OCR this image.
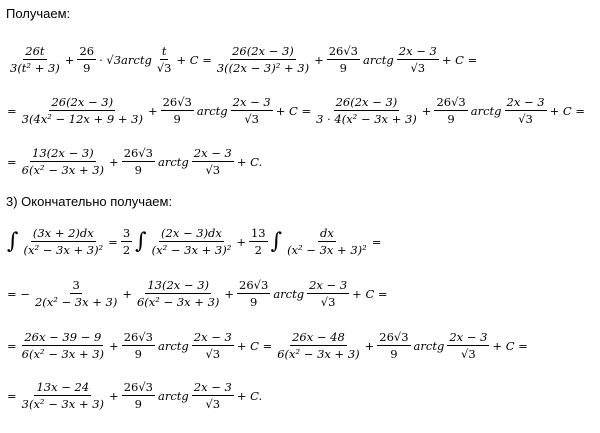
Получаем:
$\frac{26t}{\text{3(t² + 3)}} + \frac{26}{9}$ · √3arctg $\frac{t}{√3} + C = \frac{26(2x - 3)}{\text{3((2x − 3)² + 3)}} + \frac{26√3}{9}$ arctg $\frac{2x - 3}{√3} + C$ =
= $\frac{26(2x - 3)}{\text{3(4x² − 12x + 9 + 3)}} + \frac{26√3}{9}$ arctg $\frac{2x - 3}{√3} + C = \frac{26(2x - 3)}{\text{3 · 4(x² − 3x + 3)}} + \frac{26√3}{9}$ arctg $\frac{2x - 3}{√3} + C$ =
= $\frac{13(2x - 3)}{\text{6(x² − 3x + 3)}} + \frac{26√3}{9}$ arctg $\frac{2x - 3}{√3} + C$.
3) Окончательно получаем:
∫ $\frac{(3x + 2)dx}{\text{(x² − 3x + 3)²}} = \frac{3}{2}$ ∫ $\frac{(2x - 3)dx}{\text{(x² − 3x + 3)²}} + \frac{13}{2}$ ∫ $\frac{dx}{\text{(x² − 3x + 3)²}}$ =
= − $\frac{3}{\text{2(x² − 3x + 3)}} + \frac{13(2x - 3)}{\text{6(x² − 3x + 3)}} + \frac{26√3}{9}$ arctg $\frac{2x - 3}{√3} + C$ =
= $\frac{26x - 39 - 9}{\text{6(x² − 3x + 3)}} + \frac{26√3}{9}$ arctg $\frac{2x - 3}{√3} + C = \frac{26x - 48}{\text{6(x² − 3x + 3)}} + \frac{26√3}{9}$ arctg $\frac{2x - 3}{√3} + C$ =
= $\frac{13x - 24}{\text{3(x² − 3x + 3)}} + \frac{26√3}{9}$ arctg $\frac{2x - 3}{√3} + C$.
